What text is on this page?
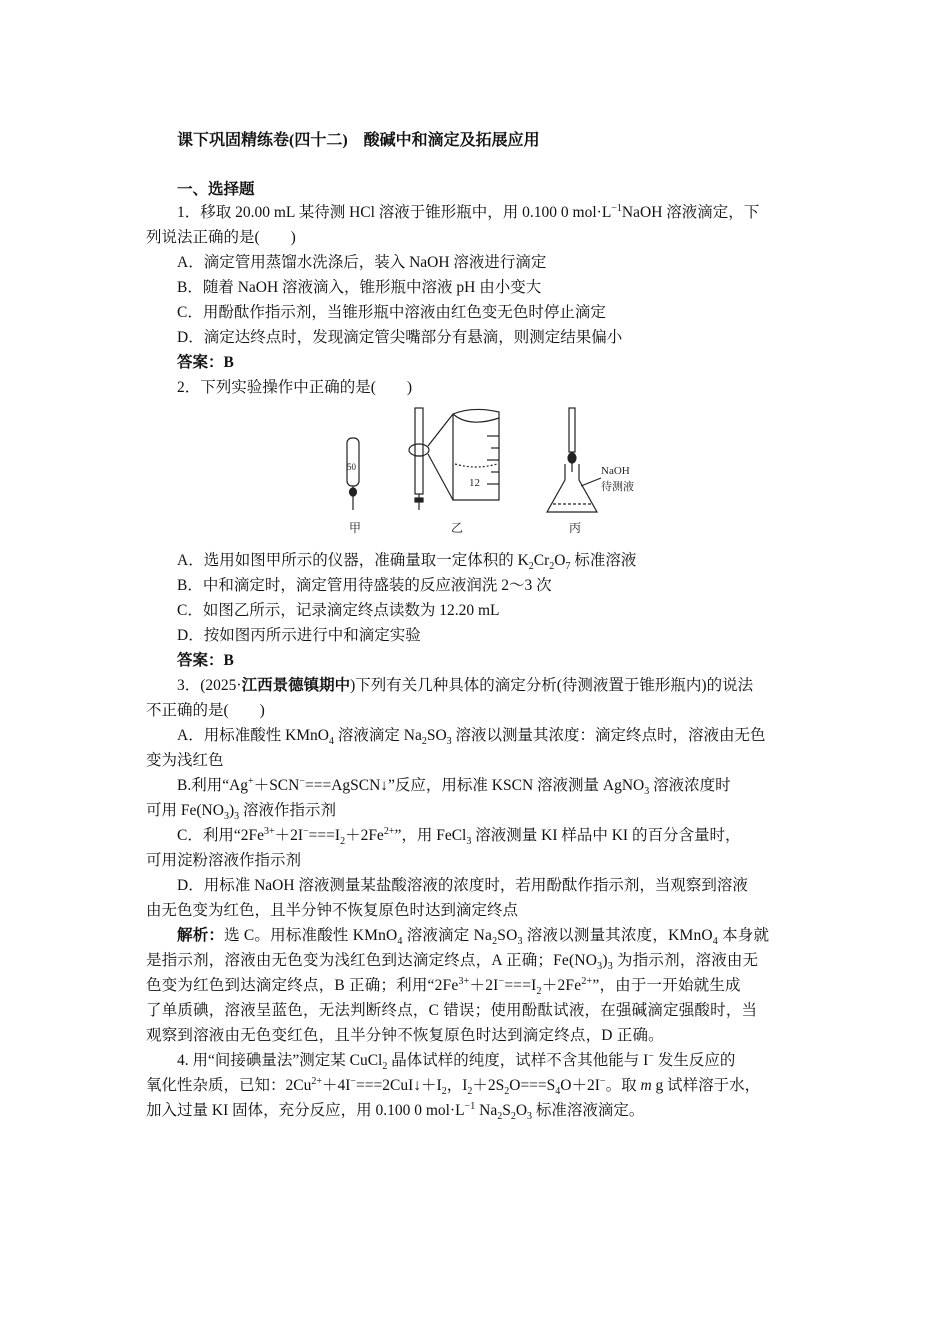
课下巩固精练卷(四十二)　酸碱中和滴定及拓展应用
一、选择题
1．移取 20.00 mL 某待测 HCl 溶液于锥形瓶中，用 0.100 0 $mol\cdot L^{-1}NaOH$ 溶液滴定，下
列说法正确的是(　　)
A．滴定管用蒸馏水洗涤后，装入 NaOH 溶液进行滴定
B．随着 NaOH 溶液滴入，锥形瓶中溶液 pH 由小变大
C．用酚酞作指示剂，当锥形瓶中溶液由红色变无色时停止滴定
D．滴定达终点时，发现滴定管尖嘴部分有悬滴，则测定结果偏小
答案：B
2．下列实验操作中正确的是(　　)
50
12
NaOH
待测液
甲	乙	丙
A．选用如图甲所示的仪器，准确量取一定体积的 $K_2Cr_2O_7$ 标准溶液
B．中和滴定时，滴定管用待盛装的反应液润洗 2～3 次
C．如图乙所示，记录滴定终点读数为 12.20 mL
D．按如图丙所示进行中和滴定实验
答案：B
3．(2025·江西景德镇期中)下列有关几种具体的滴定分析(待测液置于锥形瓶内)的说法
不正确的是(　　)
A．用标准酸性 KMnO$_4$ 溶液滴定 $Na_2SO_3$ 溶液以测量其浓度：滴定终点时，溶液由无色
变为浅红色
B.利用“Ag+＋SCN−===AgSCN↓”反应，用标准 KSCN 溶液测量 AgNO$_3$ 溶液浓度时
可用 $Fe(NO_3)_3$ 溶液作指示剂
C．利用“$2Fe^{3+}+2I^-===I_2+2Fe^{2+}$”，用 FeCl$_3$ 溶液测量 KI 样品中 KI 的百分含量时，
可用淀粉溶液作指示剂
D．用标准 NaOH 溶液测量某盐酸溶液的浓度时，若用酚酞作指示剂，当观察到溶液
由无色变为红色，且半分钟不恢复原色时达到滴定终点
解析：选 C。用标准酸性 KMnO$_4$ 溶液滴定 $Na_2SO_3$ 溶液以测量其浓度，KMnO$_4$ 本身就
是指示剂，溶液由无色变为浅红色到达滴定终点，A 正确；$Fe(NO_3)_3$ 为指示剂，溶液由无
色变为红色到达滴定终点，B 正确；利用“$2Fe^{3+}+2I^-===I_2+2Fe^{2+}$”，由于一开始就生成
了单质碘，溶液呈蓝色，无法判断终点，C 错误；使用酚酞试液，在强碱滴定强酸时，当
观察到溶液由无色变红色，且半分钟不恢复原色时达到滴定终点，D 正确。
4. 用“间接碘量法”测定某 CuCl$_2$ 晶体试样的纯度，试样不含其他能与 I− 发生反应的
氧化性杂质，已知：$2Cu^{2+}+4I^-===2CuI↓+I_2$，$I_2+2S_2O===S_4O+2I^-$。取 m g 试样溶于水，
加入过量 KI 固体，充分反应，用 0.100 0 $mol\cdot L^{-1}$ $Na_2S_2O_3$ 标准溶液滴定。
